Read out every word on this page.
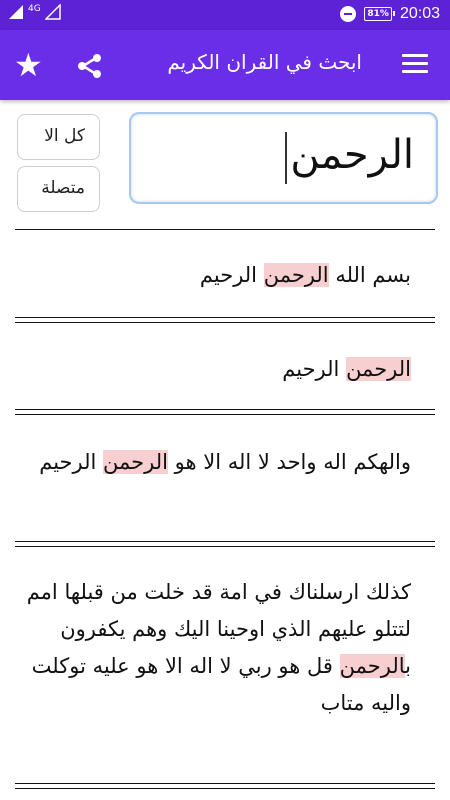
4G
81% 20:03
★	ابحث في القران الكريم
الرحمن
كل الا
متصلة
بسم الله الرحمن الرحيم
الرحمن الرحيم
والهكم اله واحد لا اله الا هو الرحمن الرحيم
كذلك ارسلناك في امة قد خلت من قبلها امم لتتلو عليهم الذي اوحينا اليك وهم يكفرون بالرحمن قل هو ربي لا اله الا هو عليه توكلت واليه متاب
